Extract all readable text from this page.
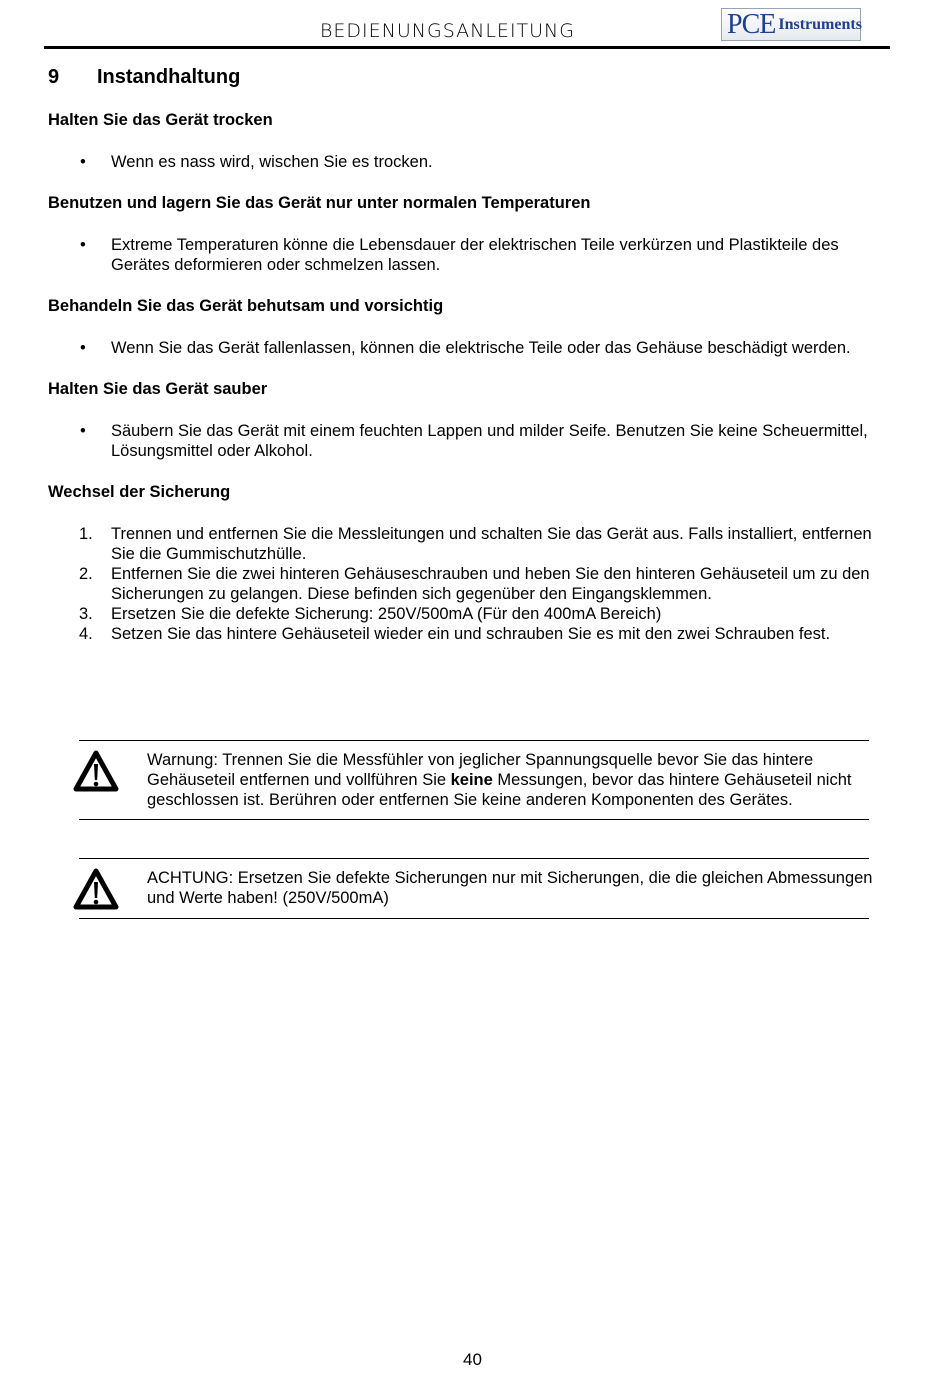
BEDIENUNGSANLEITUNG	PCE Instruments
9	Instandhaltung
Halten Sie das Gerät trocken
• Wenn es nass wird, wischen Sie es trocken.
Benutzen und lagern Sie das Gerät nur unter normalen Temperaturen
• Extreme Temperaturen könne die Lebensdauer der elektrischen Teile verkürzen und Plastikteile des Gerätes deformieren oder schmelzen lassen.
Behandeln Sie das Gerät behutsam und vorsichtig
• Wenn Sie das Gerät fallenlassen, können die elektrische Teile oder das Gehäuse beschädigt werden.
Halten Sie das Gerät sauber
• Säubern Sie das Gerät mit einem feuchten Lappen und milder Seife. Benutzen Sie keine Scheuermittel, Lösungsmittel oder Alkohol.
Wechsel der Sicherung
1. Trennen und entfernen Sie die Messleitungen und schalten Sie das Gerät aus. Falls installiert, entfernen Sie die Gummischutzhülle.
2. Entfernen Sie die zwei hinteren Gehäuseschrauben und heben Sie den hinteren Gehäuseteil um zu den Sicherungen zu gelangen. Diese befinden sich gegenüber den Eingangsklemmen.
3. Ersetzen Sie die defekte Sicherung: 250V/500mA (Für den 400mA Bereich)
4. Setzen Sie das hintere Gehäuseteil wieder ein und schrauben Sie es mit den zwei Schrauben fest.
Warnung: Trennen Sie die Messfühler von jeglicher Spannungsquelle bevor Sie das hintere Gehäuseteil entfernen und vollführen Sie keine Messungen, bevor das hintere Gehäuseteil nicht geschlossen ist. Berühren oder entfernen Sie keine anderen Komponenten des Gerätes.
ACHTUNG: Ersetzen Sie defekte Sicherungen nur mit Sicherungen, die die gleichen Abmessungen und Werte haben! (250V/500mA)
40
